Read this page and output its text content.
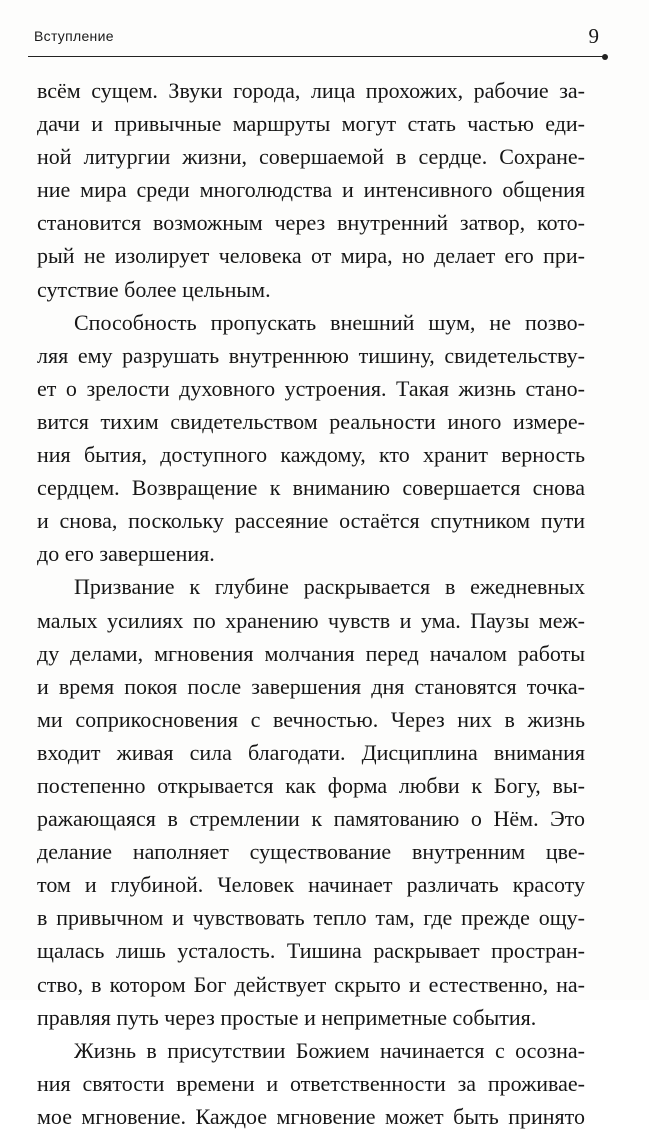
Вступление	9
всём сущем. Звуки города, лица прохожих, рабочие за-
дачи и привычные маршруты могут стать частью еди-
ной литургии жизни, совершаемой в сердце. Сохране-
ние мира среди многолюдства и интенсивного общения
становится возможным через внутренний затвор, кото-
рый не изолирует человека от мира, но делает его при-
сутствие более цельным.
Способность пропускать внешний шум, не позво-
ляя ему разрушать внутреннюю тишину, свидетельству-
ет о зрелости духовного устроения. Такая жизнь стано-
вится тихим свидетельством реальности иного измере-
ния бытия, доступного каждому, кто хранит верность
сердцем. Возвращение к вниманию совершается снова
и снова, поскольку рассеяние остаётся спутником пути
до его завершения.
Призвание к глубине раскрывается в ежедневных
малых усилиях по хранению чувств и ума. Паузы меж-
ду делами, мгновения молчания перед началом работы
и время покоя после завершения дня становятся точка-
ми соприкосновения с вечностью. Через них в жизнь
входит живая сила благодати. Дисциплина внимания
постепенно открывается как форма любви к Богу, вы-
ражающаяся в стремлении к памятованию о Нём. Это
делание наполняет существование внутренним цве-
том и глубиной. Человек начинает различать красоту
в привычном и чувствовать тепло там, где прежде ощу-
щалась лишь усталость. Тишина раскрывает простран-
ство, в котором Бог действует скрыто и естественно, на-
правляя путь через простые и неприметные события.
Жизнь в присутствии Божием начинается с осозна-
ния святости времени и ответственности за проживае-
мое мгновение. Каждое мгновение может быть принято
